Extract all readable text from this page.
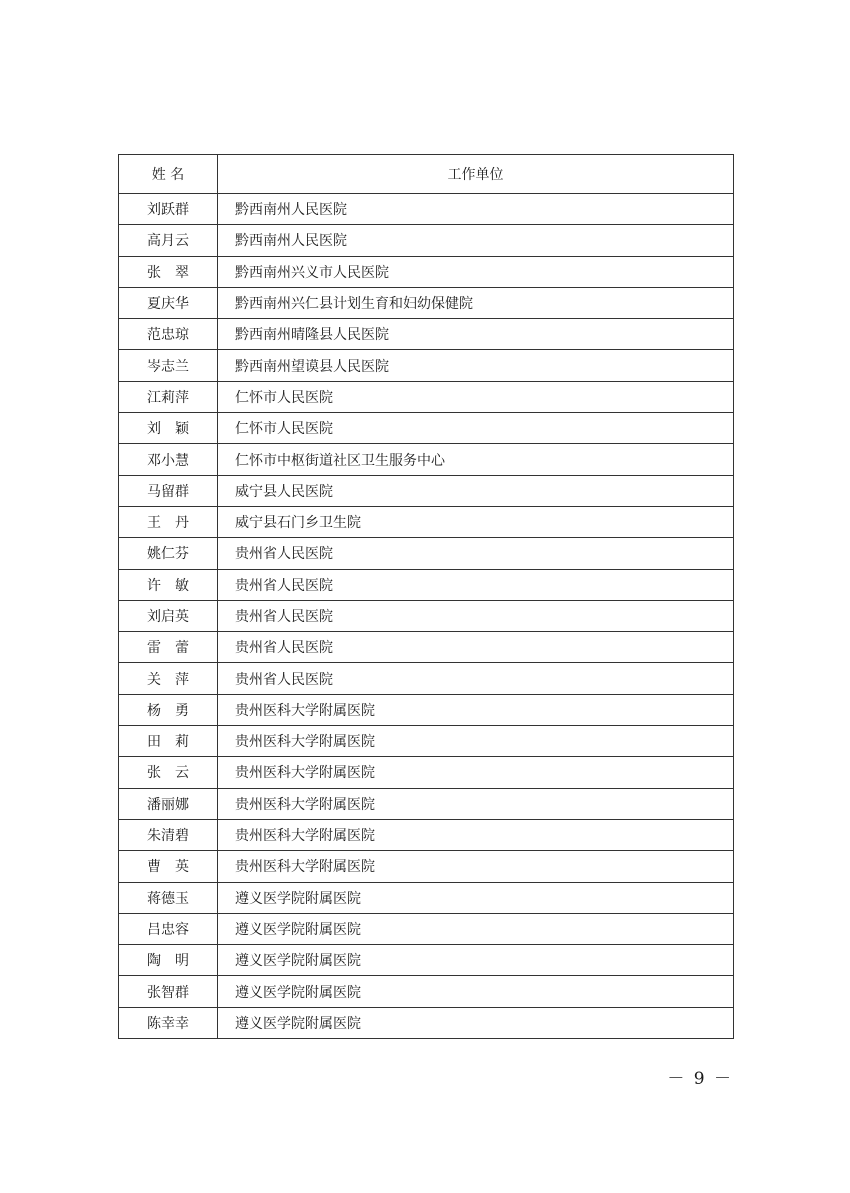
姓 名	工作单位
刘跃群	黔西南州人民医院
高月云	黔西南州人民医院
张　翠	黔西南州兴义市人民医院
夏庆华	黔西南州兴仁县计划生育和妇幼保健院
范忠琼	黔西南州晴隆县人民医院
岑志兰	黔西南州望谟县人民医院
江莉萍	仁怀市人民医院
刘　颖	仁怀市人民医院
邓小慧	仁怀市中枢街道社区卫生服务中心
马留群	威宁县人民医院
王　丹	威宁县石门乡卫生院
姚仁芬	贵州省人民医院
许　敏	贵州省人民医院
刘启英	贵州省人民医院
雷　蕾	贵州省人民医院
关　萍	贵州省人民医院
杨　勇	贵州医科大学附属医院
田　莉	贵州医科大学附属医院
张　云	贵州医科大学附属医院
潘丽娜	贵州医科大学附属医院
朱清碧	贵州医科大学附属医院
曹　英	贵州医科大学附属医院
蒋德玉	遵义医学院附属医院
吕忠容	遵义医学院附属医院
陶　明	遵义医学院附属医院
张智群	遵义医学院附属医院
陈幸幸	遵义医学院附属医院
－ 9 －
